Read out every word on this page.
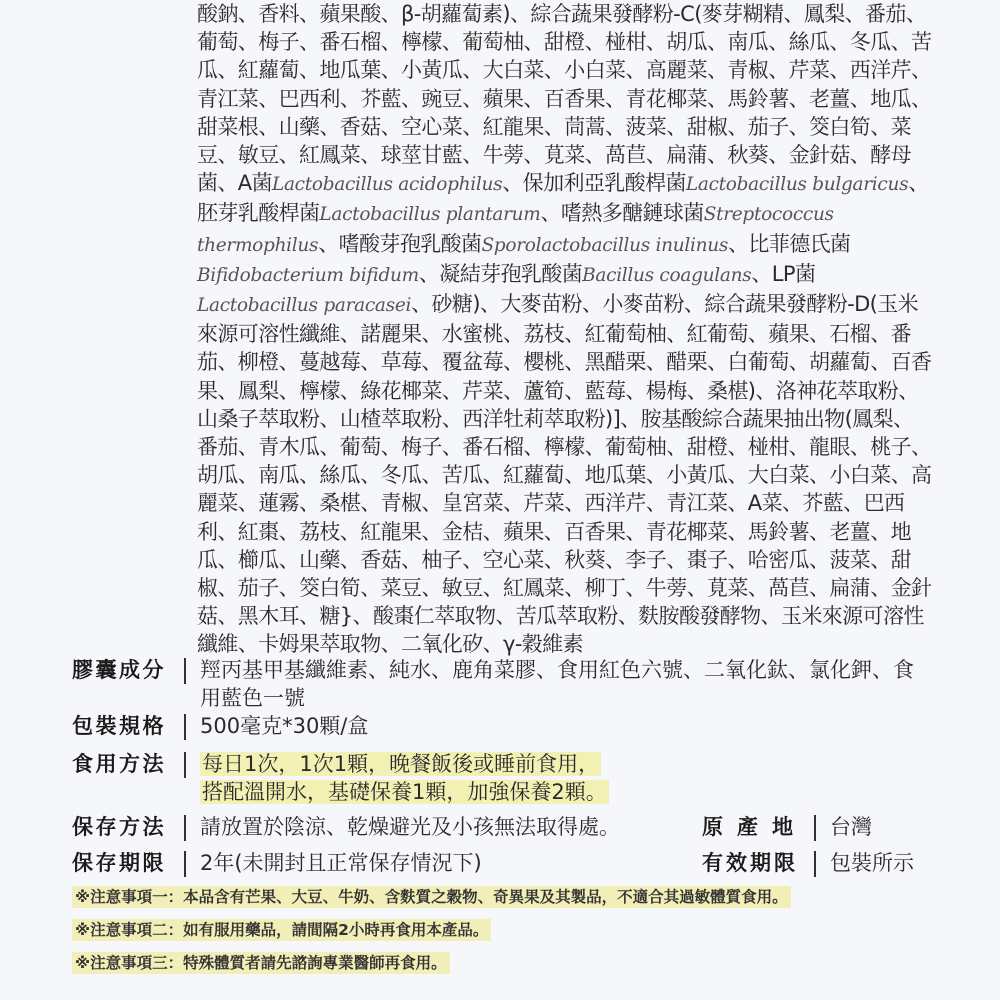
酸鈉、香料、蘋果酸、β-胡蘿蔔素)、綜合蔬果發酵粉-C(麥芽糊精、鳳梨、番茄、葡萄、梅子、番石榴、檸檬、葡萄柚、甜橙、椪柑、胡瓜、南瓜、絲瓜、冬瓜、苦瓜、紅蘿蔔、地瓜葉、小黃瓜、大白菜、小白菜、高麗菜、青椒、芹菜、西洋芹、青江菜、巴西利、芥藍、豌豆、蘋果、百香果、青花椰菜、馬鈴薯、老薑、地瓜、甜菜根、山藥、香菇、空心菜、紅龍果、茼蒿、菠菜、甜椒、茄子、筊白筍、菜豆、敏豆、紅鳳菜、球莖甘藍、牛蒡、莧菜、萵苣、扁蒲、秋葵、金針菇、酵母菌、A菌Lactobacillus acidophilus、保加利亞乳酸桿菌Lactobacillus bulgaricus、胚芽乳酸桿菌Lactobacillus plantarum、嗜熱多醣鏈球菌Streptococcus thermophilus、嗜酸芽孢乳酸菌Sporolactobacillus inulinus、比菲德氏菌Bifidobacterium bifidum、凝結芽孢乳酸菌Bacillus coagulans、LP菌Lactobacillus paracasei、砂糖)、大麥苗粉、小麥苗粉、綜合蔬果發酵粉-D(玉米來源可溶性纖維、諾麗果、水蜜桃、荔枝、紅葡萄柚、紅葡萄、蘋果、石榴、番茄、柳橙、蔓越莓、草莓、覆盆莓、櫻桃、黑醋栗、醋栗、白葡萄、胡蘿蔔、百香果、鳳梨、檸檬、綠花椰菜、芹菜、蘆筍、藍莓、楊梅、桑椹)、洛神花萃取粉、山桑子萃取粉、山楂萃取粉、西洋牡莉萃取粉)]、胺基酸綜合蔬果抽出物(鳳梨、番茄、青木瓜、葡萄、梅子、番石榴、檸檬、葡萄柚、甜橙、椪柑、龍眼、桃子、胡瓜、南瓜、絲瓜、冬瓜、苦瓜、紅蘿蔔、地瓜葉、小黃瓜、大白菜、小白菜、高麗菜、蓮霧、桑椹、青椒、皇宮菜、芹菜、西洋芹、青江菜、A菜、芥藍、巴西利、紅棗、荔枝、紅龍果、金桔、蘋果、百香果、青花椰菜、馬鈴薯、老薑、地瓜、櫛瓜、山藥、香菇、柚子、空心菜、秋葵、李子、棗子、哈密瓜、菠菜、甜椒、茄子、筊白筍、菜豆、敏豆、紅鳳菜、柳丁、牛蒡、莧菜、萵苣、扁蒲、金針菇、黑木耳、糖}、酸棗仁萃取物、苦瓜萃取粉、麩胺酸發酵物、玉米來源可溶性纖維、卡姆果萃取物、二氧化矽、γ-穀維素

膠囊成分	羥丙基甲基纖維素、純水、鹿角菜膠、食用紅色六號、二氧化鈦、氯化鉀、食用藍色一號
包裝規格	500毫克*30顆/盒
食用方法	每日1次，1次1顆，晚餐飯後或睡前食用，
搭配溫開水，基礎保養1顆，加強保養2顆。
保存方法	請放置於陰涼、乾燥避光及小孩無法取得處。	原產地 台灣
保存期限	2年(未開封且正常保存情況下)	有效期限	包裝所示
※注意事項一：本品含有芒果、大豆、牛奶、含麩質之穀物、奇異果及其製品，不適合其過敏體質食用。
※注意事項二：如有服用藥品，請間隔2小時再食用本產品。
※注意事項三：特殊體質者請先諮詢專業醫師再食用。
